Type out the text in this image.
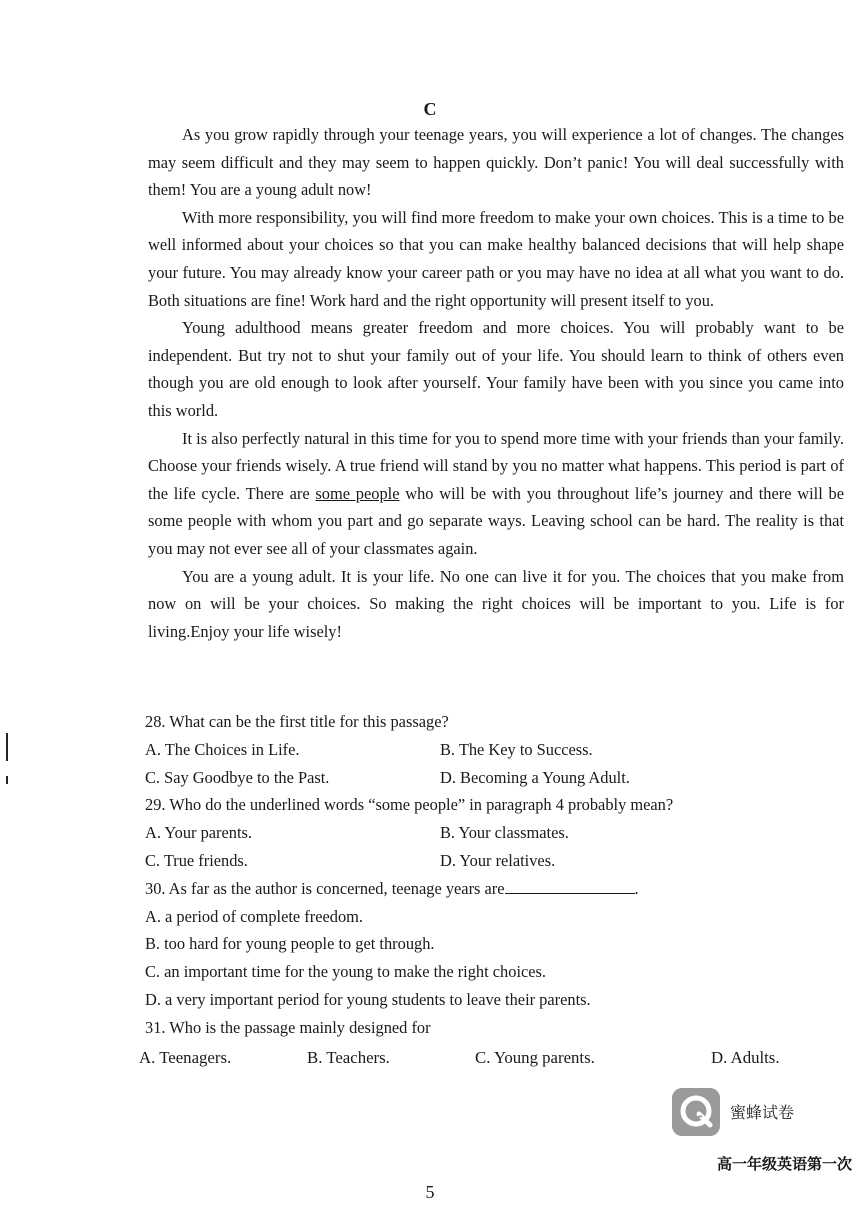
C

As you grow rapidly through your teenage years, you will experience a lot of changes. The changes may seem difficult and they may seem to happen quickly. Don’t panic! You will deal successfully with them! You are a young adult now!

With more responsibility, you will find more freedom to make your own choices. This is a time to be well informed about your choices so that you can make healthy balanced decisions that will help shape your future. You may already know your career path or you may have no idea at all what you want to do. Both situations are fine! Work hard and the right opportunity will present itself to you.

Young adulthood means greater freedom and more choices. You will probably want to be independent. But try not to shut your family out of your life. You should learn to think of others even though you are old enough to look after yourself. Your family have been with you since you came into this world.

It is also perfectly natural in this time for you to spend more time with your friends than your family. Choose your friends wisely. A true friend will stand by you no matter what happens. This period is part of the life cycle. There are some people who will be with you throughout life’s journey and there will be some people with whom you part and go separate ways. Leaving school can be hard. The reality is that you may not ever see all of your classmates again.

You are a young adult. It is your life. No one can live it for you. The choices that you make from now on will be your choices. So making the right choices will be important to you. Life is for living.Enjoy your life wisely!

28. What can be the first title for this passage?
A. The Choices in Life.	B. The Key to Success.
C. Say Goodbye to the Past.	D. Becoming a Young Adult.
29. Who do the underlined words “some people” in paragraph 4 probably mean?
A. Your parents.	B. Your classmates.
C. True friends.	D. Your relatives.
30. As far as the author is concerned, teenage years are	.
A. a period of complete freedom.
B. too hard for young people to get through.
C. an important time for the young to make the right choices.
D. a very important period for young students to leave their parents.
31. Who is the passage mainly designed for
A. Teenagers.	B. Teachers.	C. Young parents.	D. Adults.
蜜蜂试卷
高一年级英语第一次
5
